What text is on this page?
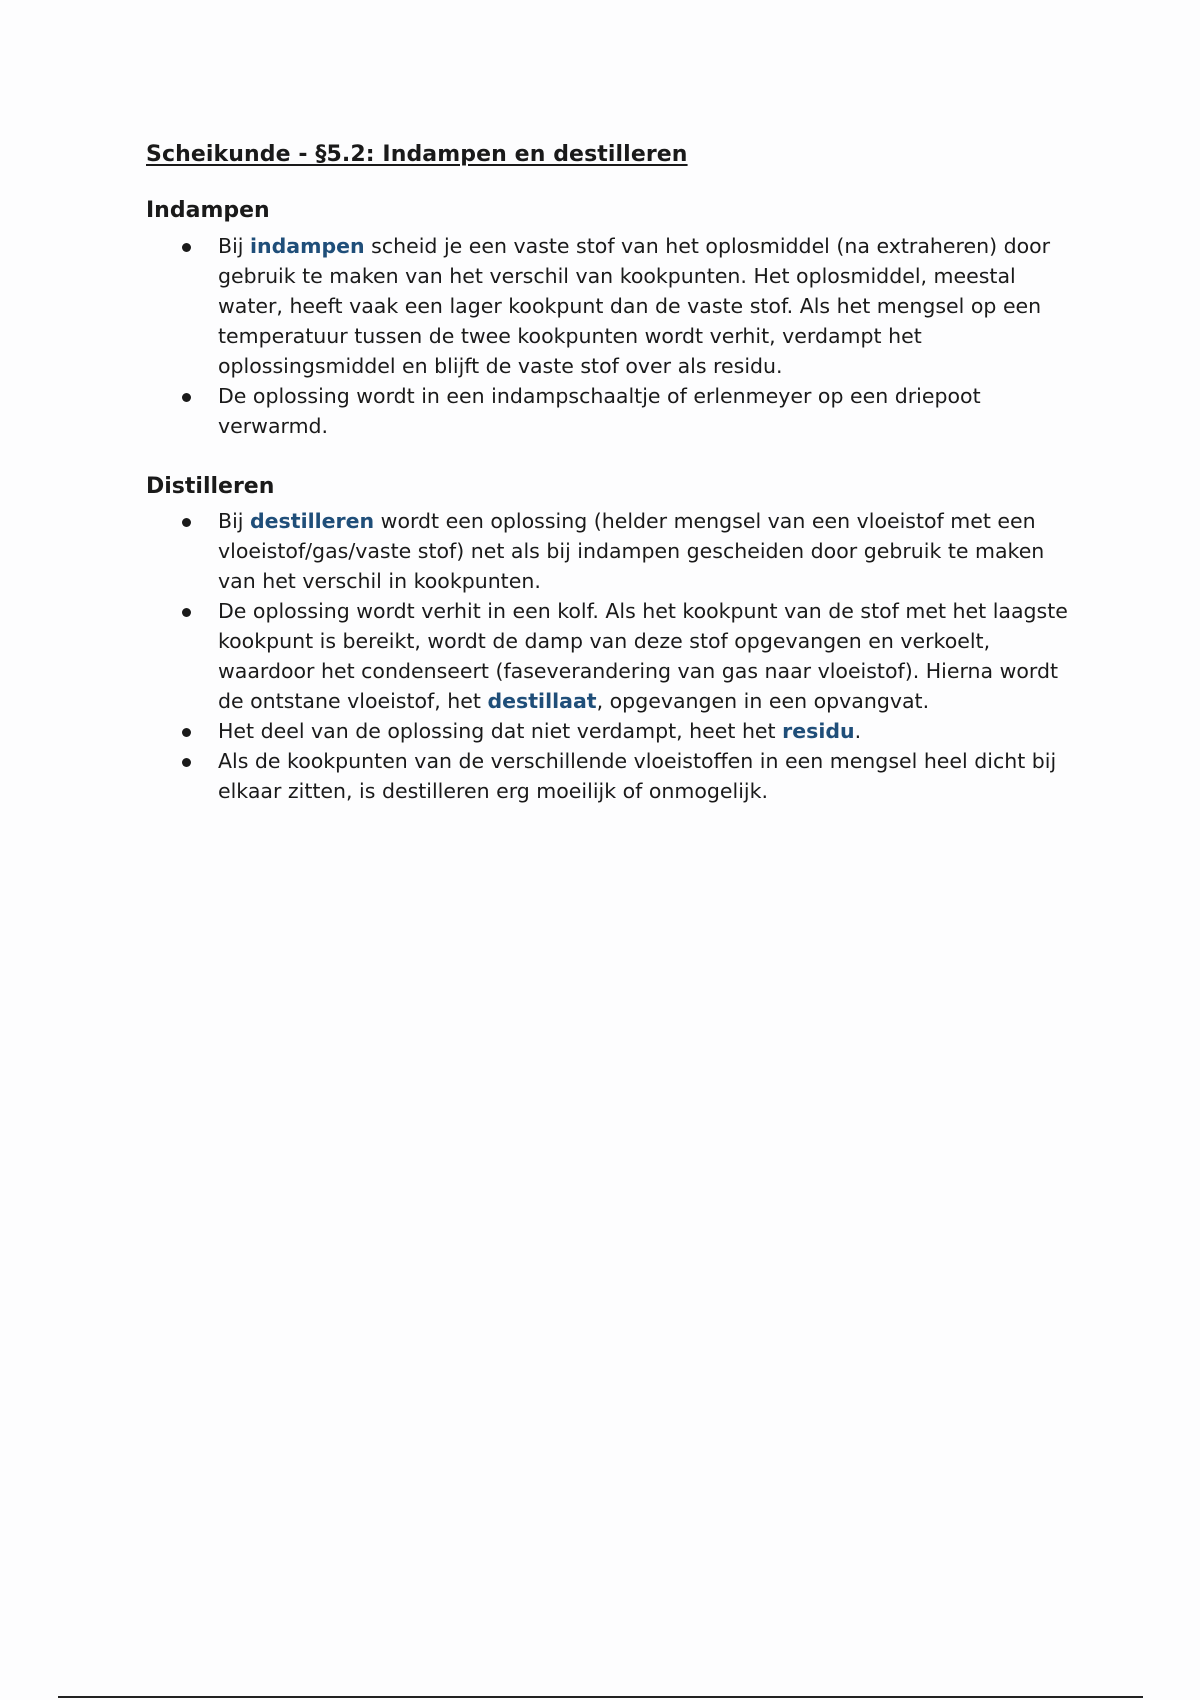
Scheikunde - §5.2: Indampen en destilleren
Indampen
Bij indampen scheid je een vaste stof van het oplosmiddel (na extraheren) door gebruik te maken van het verschil van kookpunten. Het oplosmiddel, meestal water, heeft vaak een lager kookpunt dan de vaste stof. Als het mengsel op een temperatuur tussen de twee kookpunten wordt verhit, verdampt het oplossingsmiddel en blijft de vaste stof over als residu.
De oplossing wordt in een indampschaaltje of erlenmeyer op een driepoot verwarmd.
Distilleren
Bij destilleren wordt een oplossing (helder mengsel van een vloeistof met een vloeistof/gas/vaste stof) net als bij indampen gescheiden door gebruik te maken van het verschil in kookpunten.
De oplossing wordt verhit in een kolf. Als het kookpunt van de stof met het laagste kookpunt is bereikt, wordt de damp van deze stof opgevangen en verkoelt, waardoor het condenseert (faseverandering van gas naar vloeistof). Hierna wordt de ontstane vloeistof, het destillaat, opgevangen in een opvangvat.
Het deel van de oplossing dat niet verdampt, heet het residu.
Als de kookpunten van de verschillende vloeistoffen in een mengsel heel dicht bij elkaar zitten, is destilleren erg moeilijk of onmogelijk.
